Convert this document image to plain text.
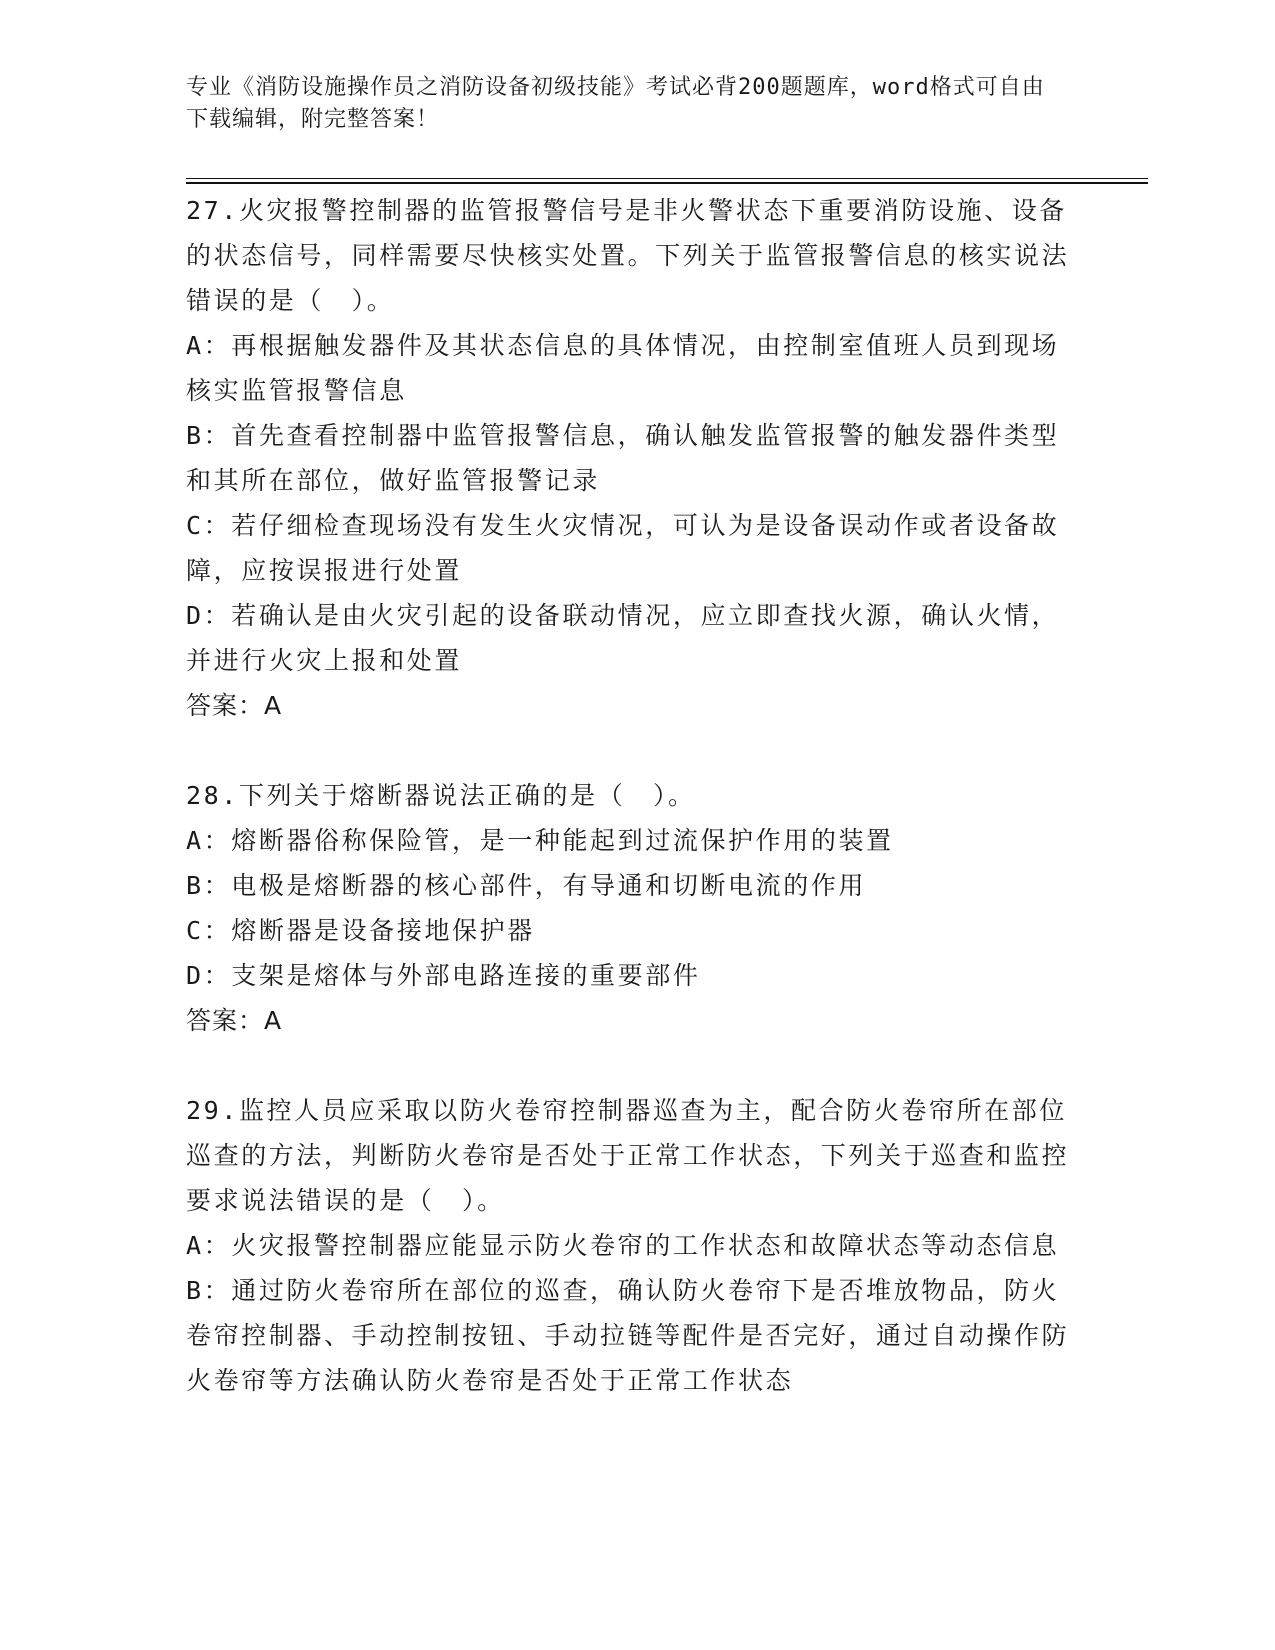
专业《消防设施操作员之消防设备初级技能》考试必背200题题库，word格式可自由下载编辑，附完整答案！

27.火灾报警控制器的监管报警信号是非火警状态下重要消防设施、设备的状态信号，同样需要尽快核实处置。下列关于监管报警信息的核实说法错误的是（　）。

A：再根据触发器件及其状态信息的具体情况，由控制室值班人员到现场核实监管报警信息

B：首先查看控制器中监管报警信息，确认触发监管报警的触发器件类型和其所在部位，做好监管报警记录

C：若仔细检查现场没有发生火灾情况，可认为是设备误动作或者设备故障，应按误报进行处置

D：若确认是由火灾引起的设备联动情况，应立即查找火源，确认火情，并进行火灾上报和处置

答案：A

28.下列关于熔断器说法正确的是（　）。

A：熔断器俗称保险管，是一种能起到过流保护作用的装置

B：电极是熔断器的核心部件，有导通和切断电流的作用

C：熔断器是设备接地保护器

D：支架是熔体与外部电路连接的重要部件

答案：A

29.监控人员应采取以防火卷帘控制器巡查为主，配合防火卷帘所在部位巡查的方法，判断防火卷帘是否处于正常工作状态，下列关于巡查和监控要求说法错误的是（　）。

A：火灾报警控制器应能显示防火卷帘的工作状态和故障状态等动态信息

B：通过防火卷帘所在部位的巡查，确认防火卷帘下是否堆放物品，防火卷帘控制器、手动控制按钮、手动拉链等配件是否完好，通过自动操作防火卷帘等方法确认防火卷帘是否处于正常工作状态
